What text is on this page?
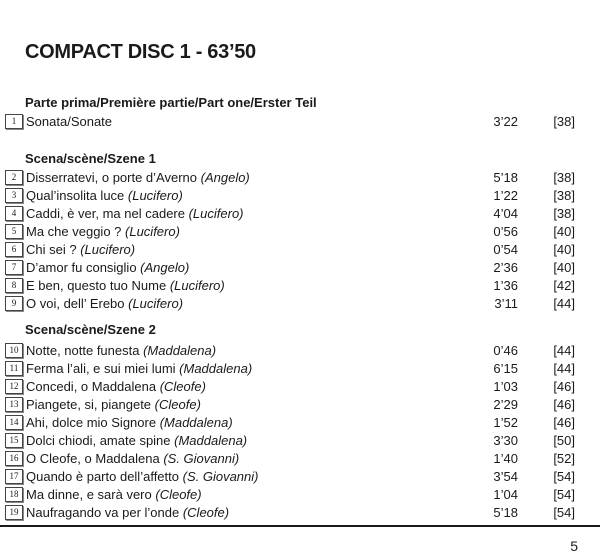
COMPACT DISC 1 - 63’50
Parte prima/Première partie/Part one/Erster Teil
1 Sonata/Sonate	3’22	[38]
Scena/scène/Szene 1
2 Disserratevi, o porte d’Averno (Angelo)	5’18	[38]
3 Qual’insolita luce (Lucifero)	1’22	[38]
4 Caddi, è ver, ma nel cadere (Lucifero)	4’04	[38]
5 Ma che veggio ? (Lucifero)	0’56	[40]
6 Chi sei ? (Lucifero)	0’54	[40]
7 D’amor fu consiglio (Angelo)	2’36	[40]
8 E ben, questo tuo Nume (Lucifero)	1’36	[42]
9 O voi, dell’ Erebo (Lucifero)	3’11	[44]
Scena/scène/Szene 2
10 Notte, notte funesta (Maddalena)	0’46	[44]
11 Ferma l’ali, e sui miei lumi (Maddalena)	6’15	[44]
12 Concedi, o Maddalena (Cleofe)	1’03	[46]
13 Piangete, si, piangete (Cleofe)	2’29	[46]
14 Ahi, dolce mio Signore (Maddalena)	1’52	[46]
15 Dolci chiodi, amate spine (Maddalena)	3’30	[50]
16 O Cleofe, o Maddalena (S. Giovanni)	1’40	[52]
17 Quando è parto dell’affetto (S. Giovanni)	3’54	[54]
18 Ma dinne, e sarà vero (Cleofe)	1’04	[54]
19 Naufragando va per l’onde (Cleofe)	5’18	[54]
5
